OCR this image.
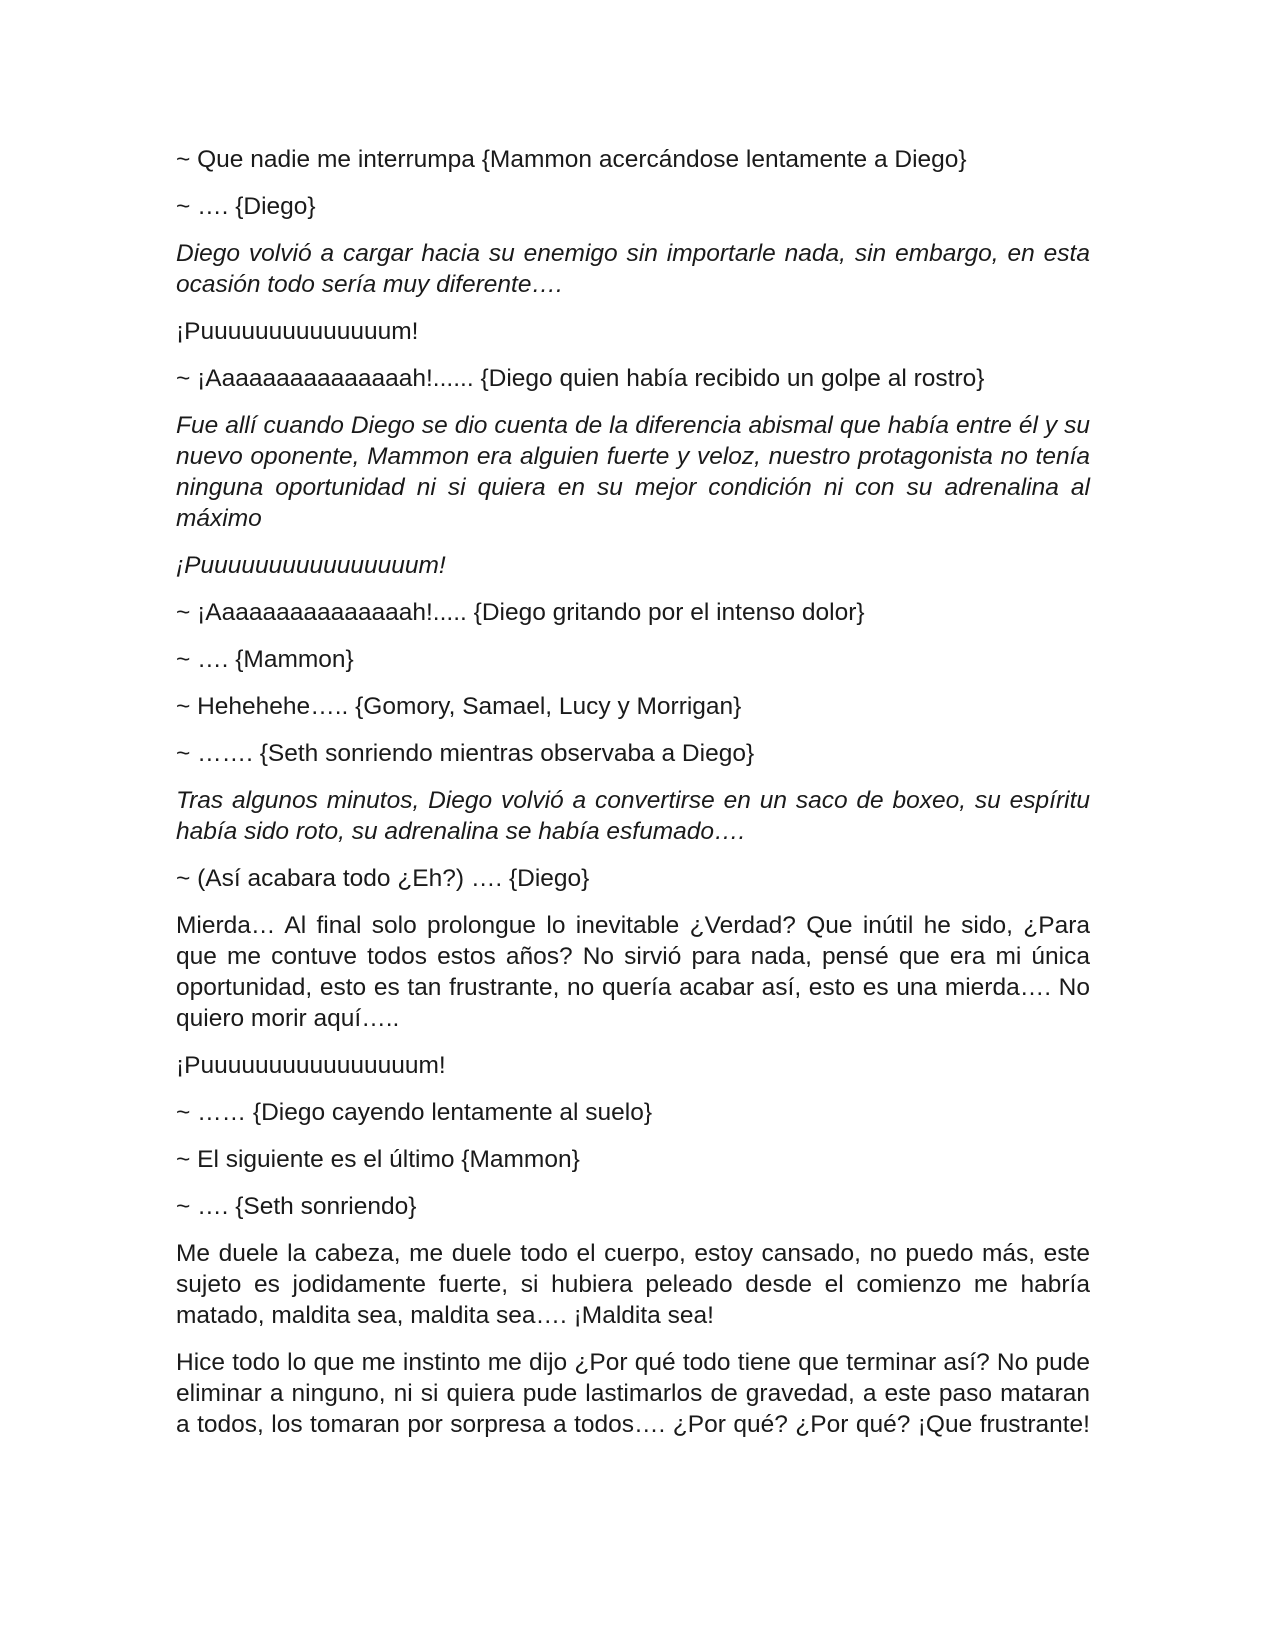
~ Que nadie me interrumpa {Mammon acercándose lentamente a Diego}

~ …. {Diego}

Diego volvió a cargar hacia su enemigo sin importarle nada, sin embargo, en esta ocasión todo sería muy diferente….

¡Puuuuuuuuuuuuuum!

~ ¡Aaaaaaaaaaaaaaah!...... {Diego quien había recibido un golpe al rostro}

Fue allí cuando Diego se dio cuenta de la diferencia abismal que había entre él y su nuevo oponente, Mammon era alguien fuerte y veloz, nuestro protagonista no tenía ninguna oportunidad ni si quiera en su mejor condición ni con su adrenalina al máximo

¡Puuuuuuuuuuuuuuuum!

~ ¡Aaaaaaaaaaaaaaah!..... {Diego gritando por el intenso dolor}

~ …. {Mammon}

~ Hehehehe….. {Gomory, Samael, Lucy y Morrigan}

~ ……. {Seth sonriendo mientras observaba a Diego}

Tras algunos minutos, Diego volvió a convertirse en un saco de boxeo, su espíritu había sido roto, su adrenalina se había esfumado….

~ (Así acabara todo ¿Eh?) …. {Diego}

Mierda… Al final solo prolongue lo inevitable ¿Verdad? Que inútil he sido, ¿Para que me contuve todos estos años? No sirvió para nada, pensé que era mi única oportunidad, esto es tan frustrante, no quería acabar así, esto es una mierda…. No quiero morir aquí…..

¡Puuuuuuuuuuuuuuuum!

~ …… {Diego cayendo lentamente al suelo}

~ El siguiente es el último {Mammon}

~ …. {Seth sonriendo}

Me duele la cabeza, me duele todo el cuerpo, estoy cansado, no puedo más, este sujeto es jodidamente fuerte, si hubiera peleado desde el comienzo me habría matado, maldita sea, maldita sea…. ¡Maldita sea!

Hice todo lo que me instinto me dijo ¿Por qué todo tiene que terminar así? No pude eliminar a ninguno, ni si quiera pude lastimarlos de gravedad, a este paso mataran a todos, los tomaran por sorpresa a todos…. ¿Por qué? ¿Por qué? ¡Que frustrante!
